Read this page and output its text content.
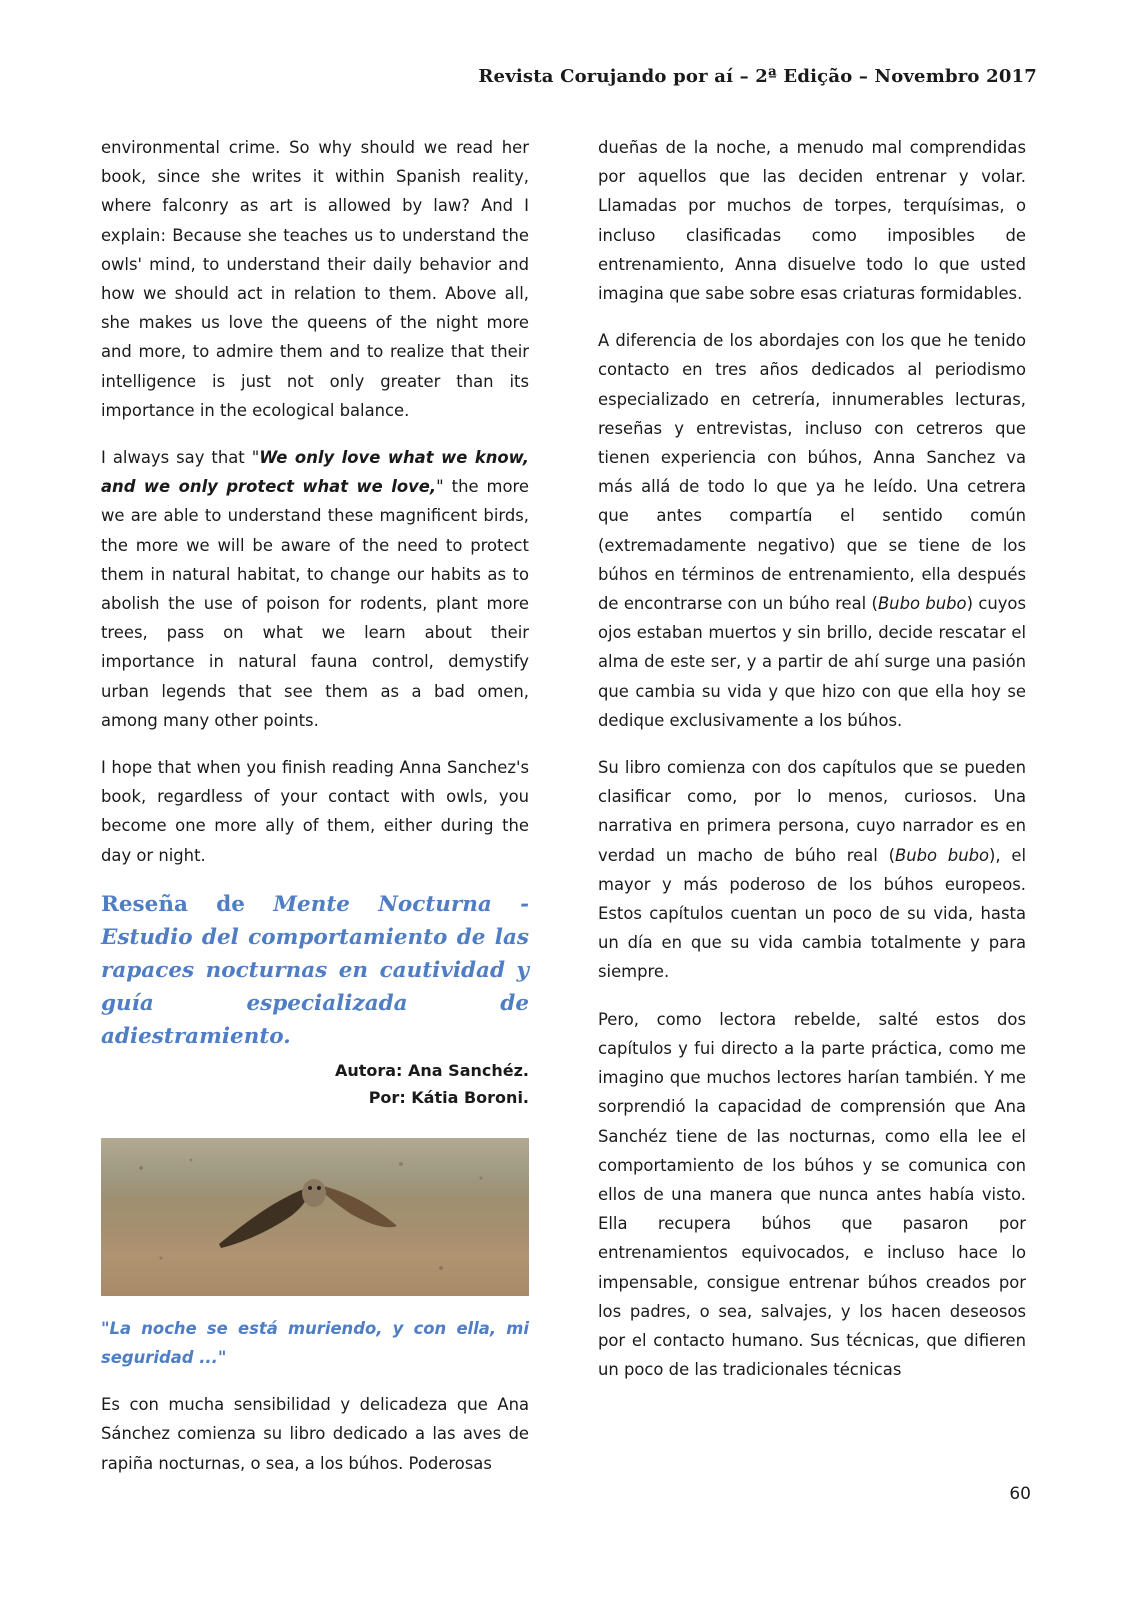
Revista Corujando por aí – 2ª Edição – Novembro 2017

environmental crime. So why should we read her book, since she writes it within Spanish reality, where falconry as art is allowed by law? And I explain: Because she teaches us to understand the owls' mind, to understand their daily behavior and how we should act in relation to them. Above all, she makes us love the queens of the night more and more, to admire them and to realize that their intelligence is just not only greater than its importance in the ecological balance.

I always say that "We only love what we know, and we only protect what we love," the more we are able to understand these magnificent birds, the more we will be aware of the need to protect them in natural habitat, to change our habits as to abolish the use of poison for rodents, plant more trees, pass on what we learn about their importance in natural fauna control, demystify urban legends that see them as a bad omen, among many other points.

I hope that when you finish reading Anna Sanchez's book, regardless of your contact with owls, you become one more ally of them, either during the day or night.

Reseña de Mente Nocturna - Estudio del comportamiento de las rapaces nocturnas en cautividad y guía especializada de adiestramiento.
Autora: Ana Sanchéz.
Por: Kátia Boroni.
"La noche se está muriendo, y con ella, mi seguridad ..."

Es con mucha sensibilidad y delicadeza que Ana Sánchez comienza su libro dedicado a las aves de rapiña nocturnas, o sea, a los búhos. Poderosas

dueñas de la noche, a menudo mal comprendidas por aquellos que las deciden entrenar y volar. Llamadas por muchos de torpes, terquísimas, o incluso clasificadas como imposibles de entrenamiento, Anna disuelve todo lo que usted imagina que sabe sobre esas criaturas formidables.

A diferencia de los abordajes con los que he tenido contacto en tres años dedicados al periodismo especializado en cetrería, innumerables lecturas, reseñas y entrevistas, incluso con cetreros que tienen experiencia con búhos, Anna Sanchez va más allá de todo lo que ya he leído. Una cetrera que antes compartía el sentido común (extremadamente negativo) que se tiene de los búhos en términos de entrenamiento, ella después de encontrarse con un búho real (Bubo bubo) cuyos ojos estaban muertos y sin brillo, decide rescatar el alma de este ser, y a partir de ahí surge una pasión que cambia su vida y que hizo con que ella hoy se dedique exclusivamente a los búhos.

Su libro comienza con dos capítulos que se pueden clasificar como, por lo menos, curiosos. Una narrativa en primera persona, cuyo narrador es en verdad un macho de búho real (Bubo bubo), el mayor y más poderoso de los búhos europeos. Estos capítulos cuentan un poco de su vida, hasta un día en que su vida cambia totalmente y para siempre.

Pero, como lectora rebelde, salté estos dos capítulos y fui directo a la parte práctica, como me imagino que muchos lectores harían también. Y me sorprendió la capacidad de comprensión que Ana Sanchéz tiene de las nocturnas, como ella lee el comportamiento de los búhos y se comunica con ellos de una manera que nunca antes había visto. Ella recupera búhos que pasaron por entrenamientos equivocados, e incluso hace lo impensable, consigue entrenar búhos creados por los padres, o sea, salvajes, y los hacen deseosos por el contacto humano. Sus técnicas, que difieren un poco de las tradicionales técnicas

60
